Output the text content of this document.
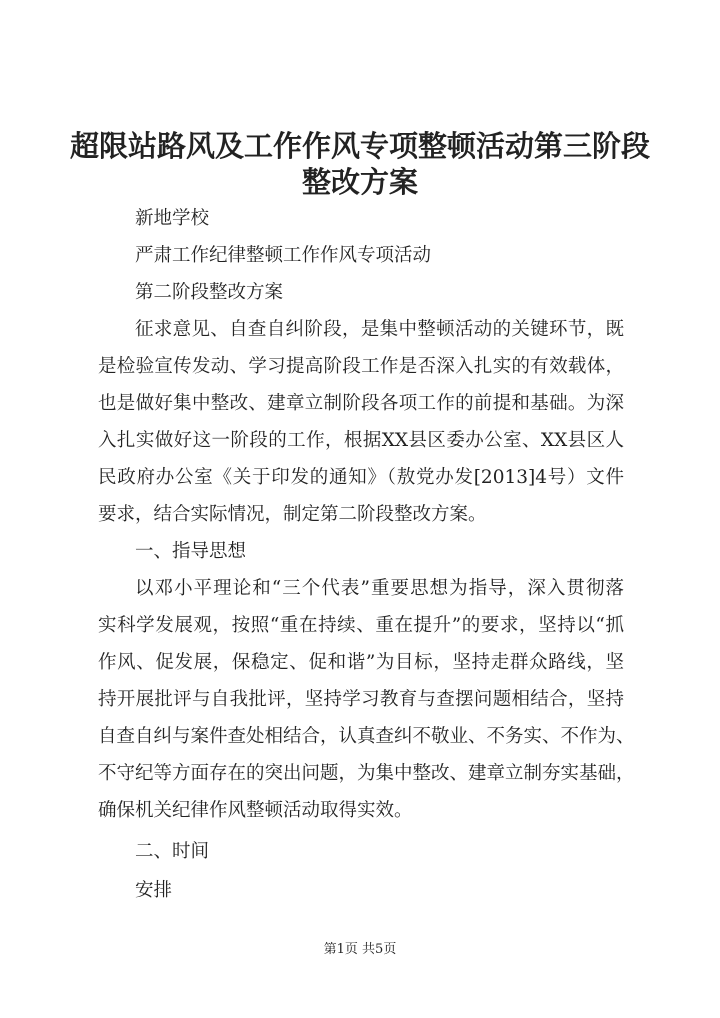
超限站路风及工作作风专项整顿活动第三阶段
整改方案
新地学校
严肃工作纪律整顿工作作风专项活动
第二阶段整改方案
征求意见、自查自纠阶段，是集中整顿活动的关键环节，既
是检验宣传发动、学习提高阶段工作是否深入扎实的有效载体，
也是做好集中整改、建章立制阶段各项工作的前提和基础。为深
入扎实做好这一阶段的工作，根据XX县区委办公室、XX县区人
民政府办公室《关于印发的通知》（敖党办发[2013]4号）文件
要求，结合实际情况，制定第二阶段整改方案。
一、指导思想
以邓小平理论和“三个代表”重要思想为指导，深入贯彻落
实科学发展观，按照“重在持续、重在提升”的要求，坚持以“抓
作风、促发展，保稳定、促和谐”为目标，坚持走群众路线，坚
持开展批评与自我批评，坚持学习教育与查摆问题相结合，坚持
自查自纠与案件查处相结合，认真查纠不敬业、不务实、不作为、
不守纪等方面存在的突出问题，为集中整改、建章立制夯实基础，
确保机关纪律作风整顿活动取得实效。
二、时间
安排
第1页 共5页
